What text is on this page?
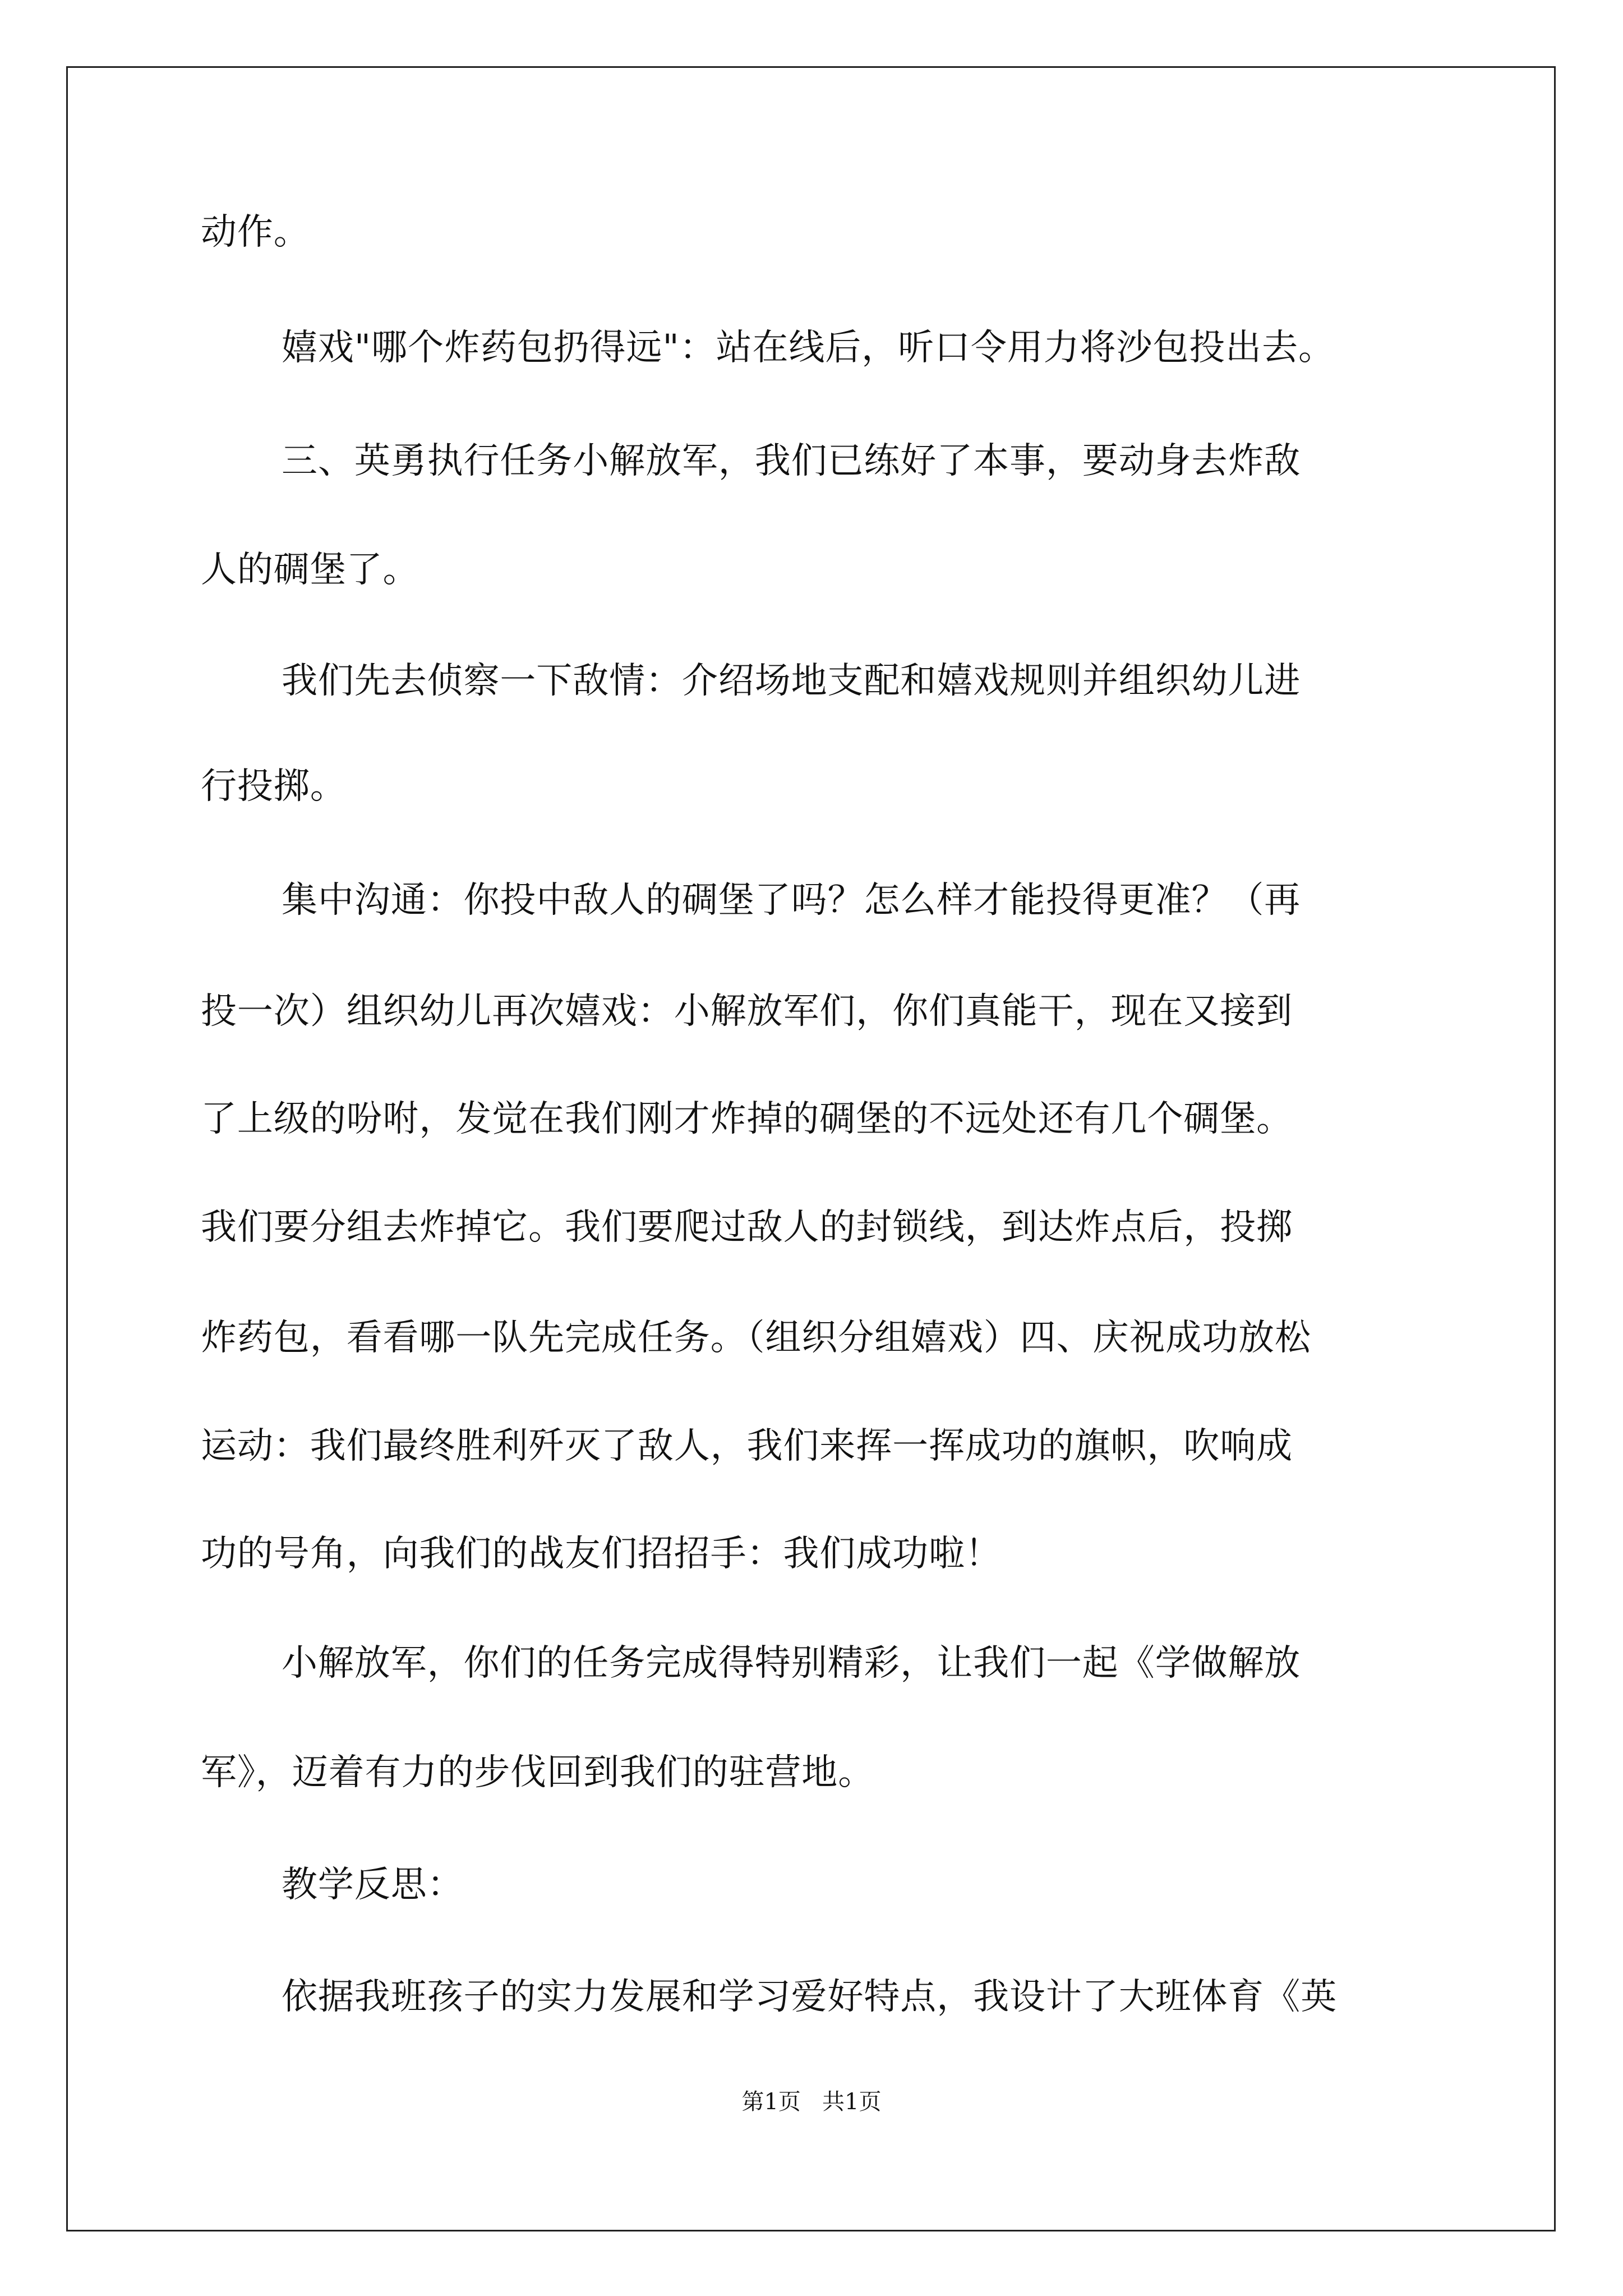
动作。
嬉戏"哪个炸药包扔得远"：站在线后，听口令用力将沙包投出去。
三、英勇执行任务小解放军，我们已练好了本事，要动身去炸敌
人的碉堡了。
我们先去侦察一下敌情：介绍场地支配和嬉戏规则并组织幼儿进
行投掷。
集中沟通：你投中敌人的碉堡了吗？怎么样才能投得更准？（再
投一次）组织幼儿再次嬉戏：小解放军们，你们真能干，现在又接到
了上级的吩咐，发觉在我们刚才炸掉的碉堡的不远处还有几个碉堡。
我们要分组去炸掉它。我们要爬过敌人的封锁线，到达炸点后，投掷
炸药包，看看哪一队先完成任务。（组织分组嬉戏）四、庆祝成功放松
运动：我们最终胜利歼灭了敌人，我们来挥一挥成功的旗帜，吹响成
功的号角，向我们的战友们招招手：我们成功啦！
小解放军，你们的任务完成得特别精彩，让我们一起《学做解放
军》，迈着有力的步伐回到我们的驻营地。
教学反思：
依据我班孩子的实力发展和学习爱好特点，我设计了大班体育《英
第1页   共1页
